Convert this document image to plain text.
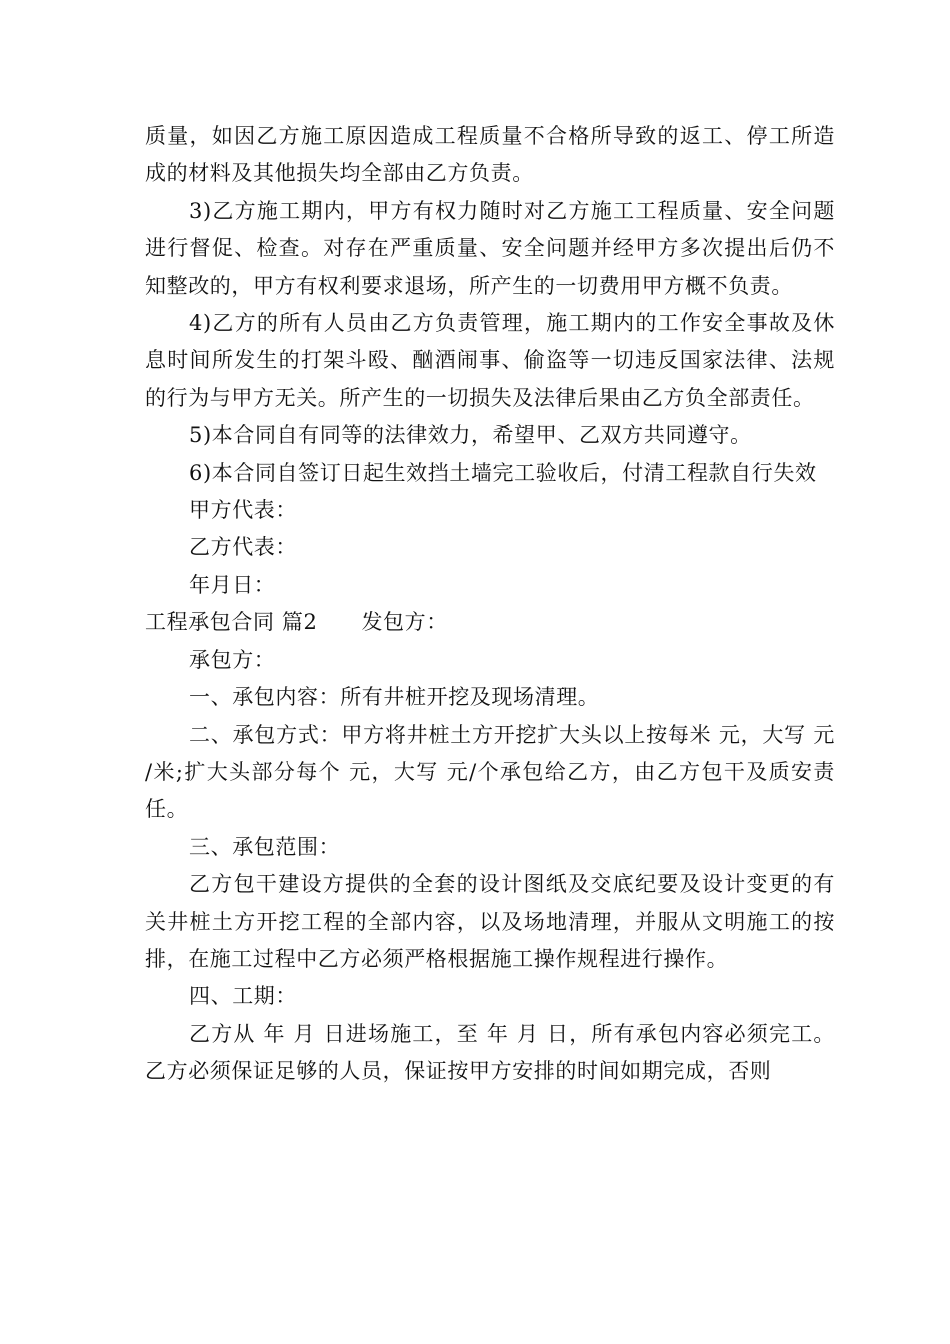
质量，如因乙方施工原因造成工程质量不合格所导致的返工、停工所造成的材料及其他损失均全部由乙方负责。

3)乙方施工期内，甲方有权力随时对乙方施工工程质量、安全问题进行督促、检查。对存在严重质量、安全问题并经甲方多次提出后仍不知整改的，甲方有权利要求退场，所产生的一切费用甲方概不负责。

4)乙方的所有人员由乙方负责管理，施工期内的工作安全事故及休息时间所发生的打架斗殴、酗酒闹事、偷盗等一切违反国家法律、法规的行为与甲方无关。所产生的一切损失及法律后果由乙方负全部责任。

5)本合同自有同等的法律效力，希望甲、乙双方共同遵守。

6)本合同自签订日起生效挡土墙完工验收后，付清工程款自行失效

甲方代表：

乙方代表：

年月日：

工程承包合同 篇2 发包方：

承包方：

一、承包内容：所有井桩开挖及现场清理。

二、承包方式：甲方将井桩土方开挖扩大头以上按每米 元，大写 元 /米;扩大头部分每个 元，大写 元/个承包给乙方，由乙方包干及质安责任。

三、承包范围：

乙方包干建设方提供的全套的设计图纸及交底纪要及设计变更的有关井桩土方开挖工程的全部内容，以及场地清理，并服从文明施工的按排，在施工过程中乙方必须严格根据施工操作规程进行操作。

四、工期：

乙方从 年 月 日进场施工，至 年 月 日，所有承包内容必须完工。乙方必须保证足够的人员，保证按甲方安排的时间如期完成，否则
